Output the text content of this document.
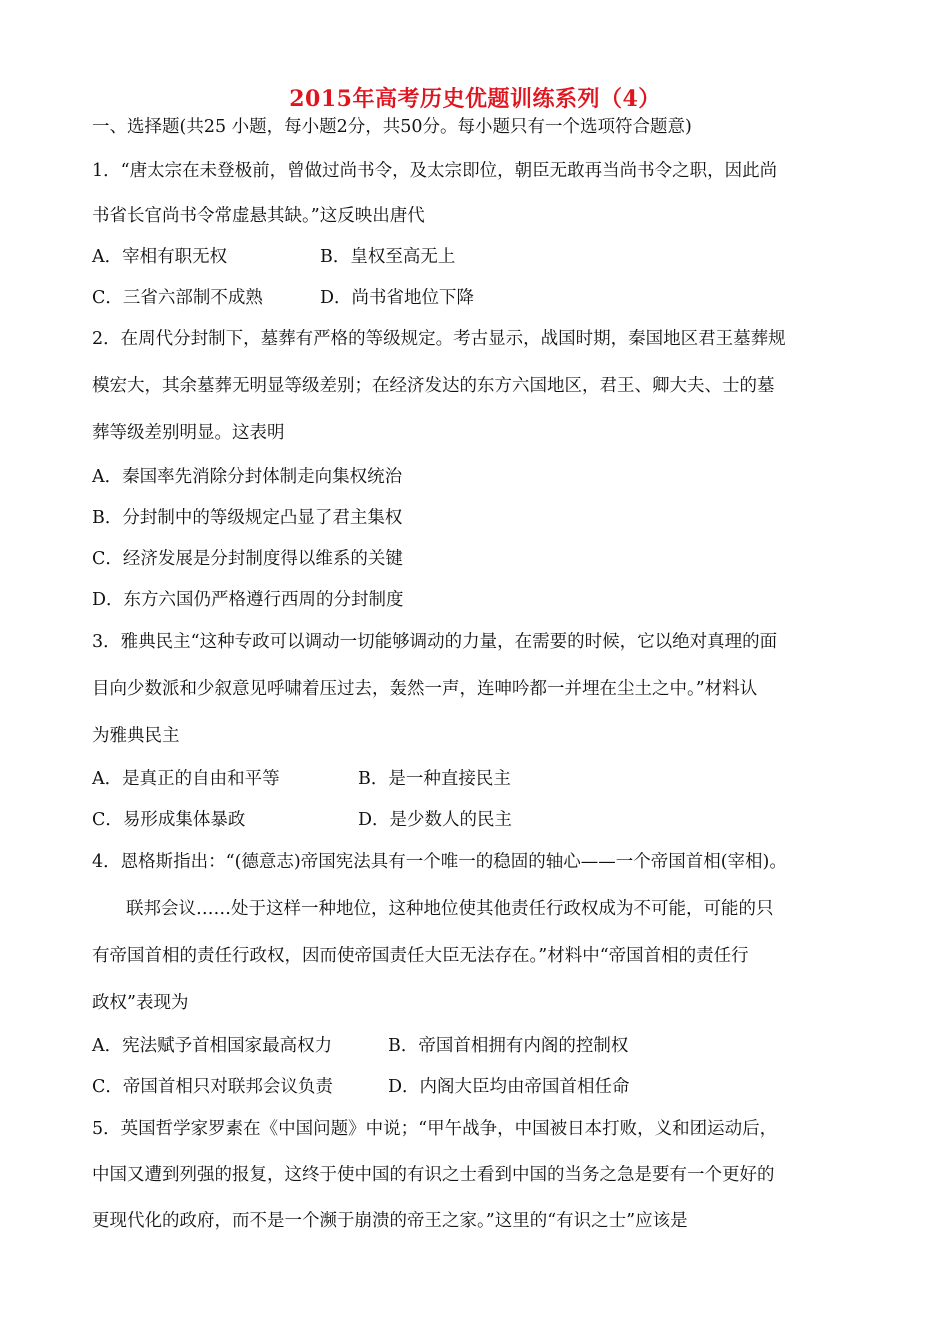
2015年高考历史优题训练系列（4）
一、选择题(共25 小题，每小题2分，共50分。每小题只有一个选项符合题意)
1．“唐太宗在未登极前，曾做过尚书令，及太宗即位，朝臣无敢再当尚书令之职，因此尚
书省长官尚书令常虚悬其缺。”这反映出唐代
A．宰相有职无权	B．皇权至高无上
C．三省六部制不成熟	D．尚书省地位下降
2．在周代分封制下，墓葬有严格的等级规定。考古显示，战国时期，秦国地区君王墓葬规
模宏大，其余墓葬无明显等级差别；在经济发达的东方六国地区，君王、卿大夫、士的墓
葬等级差别明显。这表明
A．秦国率先消除分封体制走向集权统治
B．分封制中的等级规定凸显了君主集权
C．经济发展是分封制度得以维系的关键
D．东方六国仍严格遵行西周的分封制度
3．雅典民主“这种专政可以调动一切能够调动的力量，在需要的时候，它以绝对真理的面
目向少数派和少叙意见呼啸着压过去，轰然一声，连呻吟都一并埋在尘土之中。”材料认
为雅典民主
A．是真正的自由和平等	B．是一种直接民主
C．易形成集体暴政	D．是少数人的民主
4．恩格斯指出：“(德意志)帝国宪法具有一个唯一的稳固的轴心——一个帝国首相(宰相)。
联邦会议……处于这样一种地位，这种地位使其他责任行政权成为不可能，可能的只
有帝国首相的责任行政权，因而使帝国责任大臣无法存在。”材料中“帝国首相的责任行
政权”表现为
A．宪法赋予首相国家最高权力	B．帝国首相拥有内阁的控制权
C．帝国首相只对联邦会议负责	D．内阁大臣均由帝国首相任命
5．英国哲学家罗素在《中国问题》中说；“甲午战争，中国被日本打败，义和团运动后，
中国又遭到列强的报复，这终于使中国的有识之士看到中国的当务之急是要有一个更好的
更现代化的政府，而不是一个濒于崩溃的帝王之家。”这里的“有识之士”应该是
